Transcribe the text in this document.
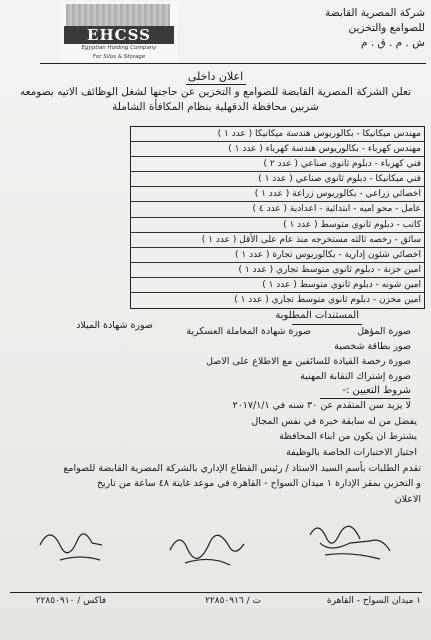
EHCSS
Egyptian Holding Company
For Silos & Storage
شركة المصرية القابضة
للصوامع والتخزين
ش . م . ق . م
اعلان داخلى
تعلن الشركة المصرية القابضة للصوامع و التخزين عن حاجتها لشغل الوظائف الاتيه بصومعه
شربين محافظة الدقهلية بنظام المكافأة الشاملة
مهندس ميكانيكا - بكالوريوس هندسة ميكانيكا ( عدد ١ )
مهندس كهرباء - بكالوريوس هندسة كهرباء ( عدد ١ )
فني كهرباء - دبلوم ثانوي صناعي ( عدد ٢ )
فني ميكانيكا - دبلوم ثانوي صناعي ( عدد ١ )
اخصائي زراعي - بكالوريوس زراعة ( عدد ١ )
عامل - محو اميه - ابتدائية - اعدادية ( عدد ٤ )
كاتب - دبلوم ثانوي متوسط ( عدد ١ )
سائق - رخصه ثالثه مستخرجه منذ عام على الأقل ( عدد ١ )
اخصائي شئون إدارية - بكالوريوس تجارة ( عدد ١ )
امين خزنة - دبلوم ثانوي متوسط تجاري ( عدد ١ )
امين شونه - دبلوم ثانوي متوسط ( عدد ١ )
امين مخزن - دبلوم ثانوي متوسط تجاري ( عدد ١ )
المستندات المطلوبة
صورة المؤهل
صورة شهادة المعاملة العسكرية
صورة شهادة الميلاد
صور بطاقة شخصية
صورة رخصة القيادة للسائقين مع الاطلاع على الاصل
صورة إشتراك النقابة المهنية
شروط التعيين :-
لا يزيد سن المتقدم عن ٣٠ سنه في ٢٠١٧/١/١
يفضل من له سابقة خبرة في نفس المجال
يشترط ان يكون من ابناء المحافظة
اجتياز الاختبارات الخاصة بالوظيفة
تقدم الطلبات بأسم السيد الاستاذ / رئيس القطاع الإداري بالشركة المصرية القابضة للصوامع
و التخزين بمقر الإدارة ١ ميدان السواح - القاهرة في موعد غايتة ٤٨ ساعة من تاريخ
الاعلان
١ ميدان السواح - القاهرة
ت / ٢٢٨٥٠٩١٦
فاكس / ٢٢٨٥٠٩١٠
